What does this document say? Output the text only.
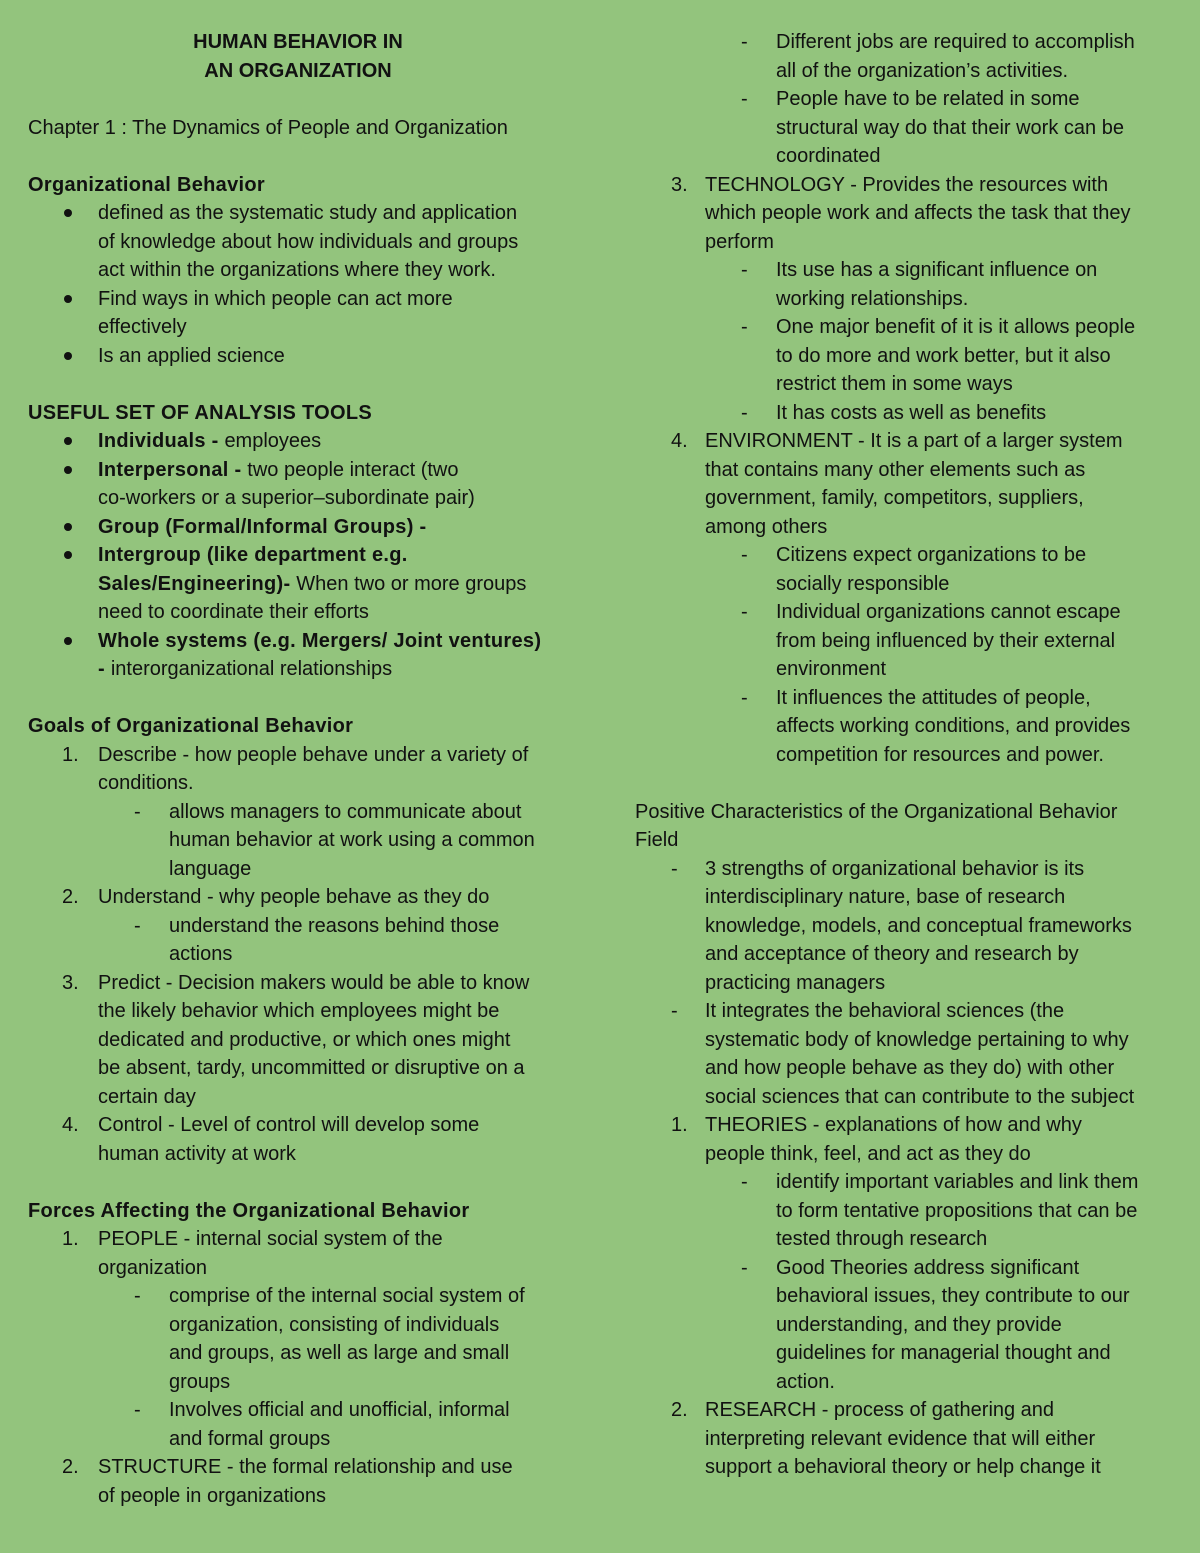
HUMAN BEHAVIOR IN
AN ORGANIZATION
Chapter 1 : The Dynamics of People and Organization
Organizational Behavior
defined as the systematic study and application
of knowledge about how individuals and groups
act within the organizations where they work.
Find ways in which people can act more
effectively
Is an applied science
USEFUL SET OF ANALYSIS TOOLS
Individuals - employees
Interpersonal - two people interact (two
co-workers or a superior–subordinate pair)
Group (Formal/Informal Groups) -
Intergroup (like department e.g.
Sales/Engineering)- When two or more groups
need to coordinate their efforts
Whole systems (e.g. Mergers/ Joint ventures)
- interorganizational relationships
Goals of Organizational Behavior
1. Describe - how people behave under a variety of
conditions.
-	allows managers to communicate about
human behavior at work using a common
language
2. Understand - why people behave as they do
-	understand the reasons behind those
actions
3. Predict - Decision makers would be able to know
the likely behavior which employees might be
dedicated and productive, or which ones might
be absent, tardy, uncommitted or disruptive on a
certain day
4. Control - Level of control will develop some
human activity at work
Forces Affecting the Organizational Behavior
1. PEOPLE - internal social system of the
organization
-	comprise of the internal social system of
organization, consisting of individuals
and groups, as well as large and small
groups
-	Involves official and unofficial, informal
and formal groups
2. STRUCTURE - the formal relationship and use
of people in organizations
-	Different jobs are required to accomplish
all of the organization’s activities.
-	People have to be related in some
structural way do that their work can be
coordinated
3. TECHNOLOGY - Provides the resources with
which people work and affects the task that they
perform
-	Its use has a significant influence on
working relationships.
-	One major benefit of it is it allows people
to do more and work better, but it also
restrict them in some ways
-	It has costs as well as benefits
4. ENVIRONMENT - It is a part of a larger system
that contains many other elements such as
government, family, competitors, suppliers,
among others
-	Citizens expect organizations to be
socially responsible
-	Individual organizations cannot escape
from being influenced by their external
environment
-	It influences the attitudes of people,
affects working conditions, and provides
competition for resources and power.
Positive Characteristics of the Organizational Behavior
Field
-	3 strengths of organizational behavior is its
interdisciplinary nature, base of research
knowledge, models, and conceptual frameworks
and acceptance of theory and research by
practicing managers
-	It integrates the behavioral sciences (the
systematic body of knowledge pertaining to why
and how people behave as they do) with other
social sciences that can contribute to the subject
1. THEORIES - explanations of how and why
people think, feel, and act as they do
-	identify important variables and link them
to form tentative propositions that can be
tested through research
-	Good Theories address significant
behavioral issues, they contribute to our
understanding, and they provide
guidelines for managerial thought and
action.
2. RESEARCH - process of gathering and
interpreting relevant evidence that will either
support a behavioral theory or help change it
